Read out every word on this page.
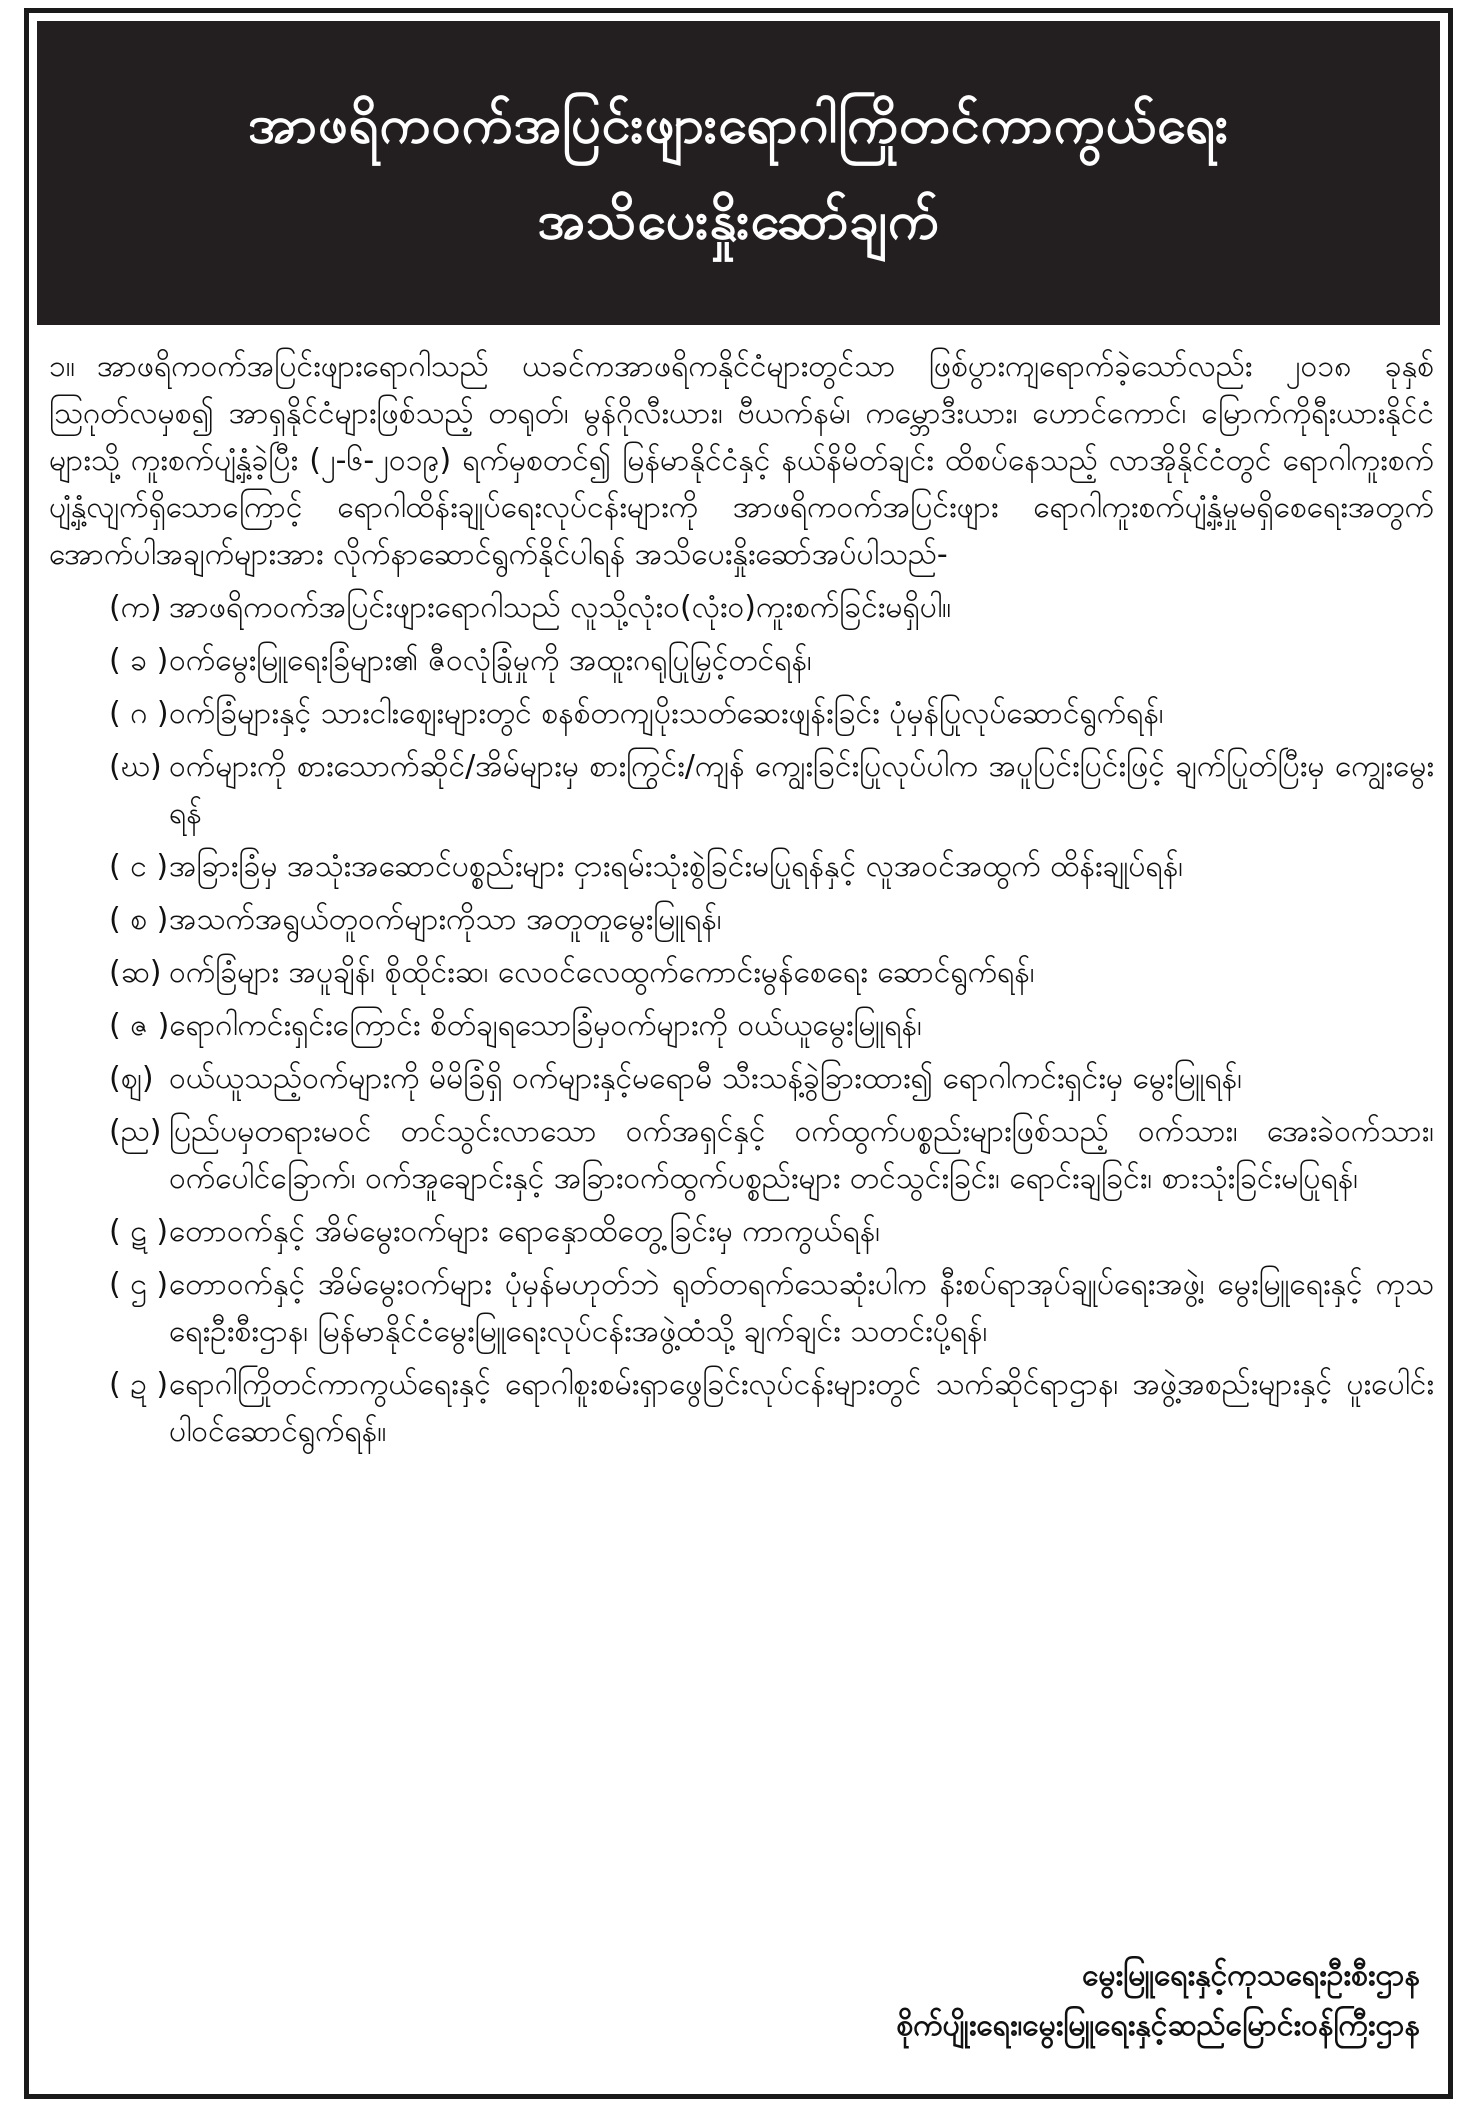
အာဖရိကဝက်အပြင်းဖျားရောဂါကြိုတင်ကာကွယ်ရေး
အသိပေးနှိုးဆော်ချက်

၁။ အာဖရိကဝက်အပြင်းဖျားရောဂါသည် ယခင်ကအာဖရိကနိုင်ငံများတွင်သာ ဖြစ်ပွားကျရောက်ခဲ့သော်လည်း ၂၀၁၈ ခုနှစ် ဩဂုတ်လမှစ၍ အာရှနိုင်ငံများဖြစ်သည့် တရုတ်၊ မွန်ဂိုလီးယား၊ ဗီယက်နမ်၊ ကမ္ဘောဒီးယား၊ ဟောင်ကောင်၊ မြောက်ကိုရီးယားနိုင်ငံများသို့ ကူးစက်ပျံ့နှံ့ခဲ့ပြီး (၂-၆-၂၀၁၉) ရက်မှစတင်၍ မြန်မာနိုင်ငံနှင့် နယ်နိမိတ်ချင်း ထိစပ်နေသည့် လာအိုနိုင်ငံတွင် ရောဂါကူးစက်ပျံ့နှံ့လျက်ရှိသောကြောင့် ရောဂါထိန်းချုပ်ရေးလုပ်ငန်းများကို အာဖရိကဝက်အပြင်းဖျား ရောဂါကူးစက်ပျံ့နှံ့မှုမရှိစေရေးအတွက် အောက်ပါအချက်များအား လိုက်နာဆောင်ရွက်နိုင်ပါရန် အသိပေးနှိုးဆော်အပ်ပါသည်-

(က) အာဖရိကဝက်အပြင်းဖျားရောဂါသည် လူသို့လုံးဝ(လုံးဝ)ကူးစက်ခြင်းမရှိပါ။
( ခ ) ဝက်မွေးမြူရေးခြံများ၏ ဇီဝလုံခြုံမှုကို အထူးဂရုပြုမြှင့်တင်ရန်၊
( ဂ ) ဝက်ခြံများနှင့် သားငါးဈေးများတွင် စနစ်တကျပိုးသတ်ဆေးဖျန်းခြင်း ပုံမှန်ပြုလုပ်ဆောင်ရွက်ရန်၊
(ဃ) ဝက်များကို စားသောက်ဆိုင်/အိမ်များမှ စားကြွင်း/ကျန် ကျွေးခြင်းပြုလုပ်ပါက အပူပြင်းပြင်းဖြင့် ချက်ပြုတ်ပြီးမှ ကျွေးမွေးရန်
( င ) အခြားခြံမှ အသုံးအဆောင်ပစ္စည်းများ ငှားရမ်းသုံးစွဲခြင်းမပြုရန်နှင့် လူအဝင်အထွက် ထိန်းချုပ်ရန်၊
( စ ) အသက်အရွယ်တူဝက်များကိုသာ အတူတူမွေးမြူရန်၊
(ဆ) ဝက်ခြံများ အပူချိန်၊ စိုထိုင်းဆ၊ လေဝင်လေထွက်ကောင်းမွန်စေရေး ဆောင်ရွက်ရန်၊
( ဇ ) ရောဂါကင်းရှင်းကြောင်း စိတ်ချရသောခြံမှဝက်များကို ဝယ်ယူမွေးမြူရန်၊
(ဈ) ဝယ်ယူသည့်ဝက်များကို မိမိခြံရှိ ဝက်များနှင့်မရောမီ သီးသန့်ခွဲခြားထား၍ ရောဂါကင်းရှင်းမှ မွေးမြူရန်၊
(ည) ပြည်ပမှတရားမဝင် တင်သွင်းလာသော ဝက်အရှင်နှင့် ဝက်ထွက်ပစ္စည်းများဖြစ်သည့် ဝက်သား၊ အေးခဲဝက်သား၊ ဝက်ပေါင်ခြောက်၊ ဝက်အူချောင်းနှင့် အခြားဝက်ထွက်ပစ္စည်းများ တင်သွင်းခြင်း၊ ရောင်းချခြင်း၊ စားသုံးခြင်းမပြုရန်၊
( ဋ ) တောဝက်နှင့် အိမ်မွေးဝက်များ ရောနှောထိတွေ့ခြင်းမှ ကာကွယ်ရန်၊
( ဌ ) တောဝက်နှင့် အိမ်မွေးဝက်များ ပုံမှန်မဟုတ်ဘဲ ရုတ်တရက်သေဆုံးပါက နီးစပ်ရာအုပ်ချုပ်ရေးအဖွဲ့၊ မွေးမြူရေးနှင့် ကုသရေးဦးစီးဌာန၊ မြန်မာနိုင်ငံမွေးမြူရေးလုပ်ငန်းအဖွဲ့ထံသို့ ချက်ချင်း သတင်းပို့ရန်၊
( ဍ ) ရောဂါကြိုတင်ကာကွယ်ရေးနှင့် ရောဂါစူးစမ်းရှာဖွေခြင်းလုပ်ငန်းများတွင် သက်ဆိုင်ရာဌာန၊ အဖွဲ့အစည်းများနှင့် ပူးပေါင်းပါဝင်ဆောင်ရွက်ရန်။
မွေးမြူရေးနှင့်ကုသရေးဦးစီးဌာန
စိုက်ပျိုးရေး၊မွေးမြူရေးနှင့်ဆည်မြောင်းဝန်ကြီးဌာန
